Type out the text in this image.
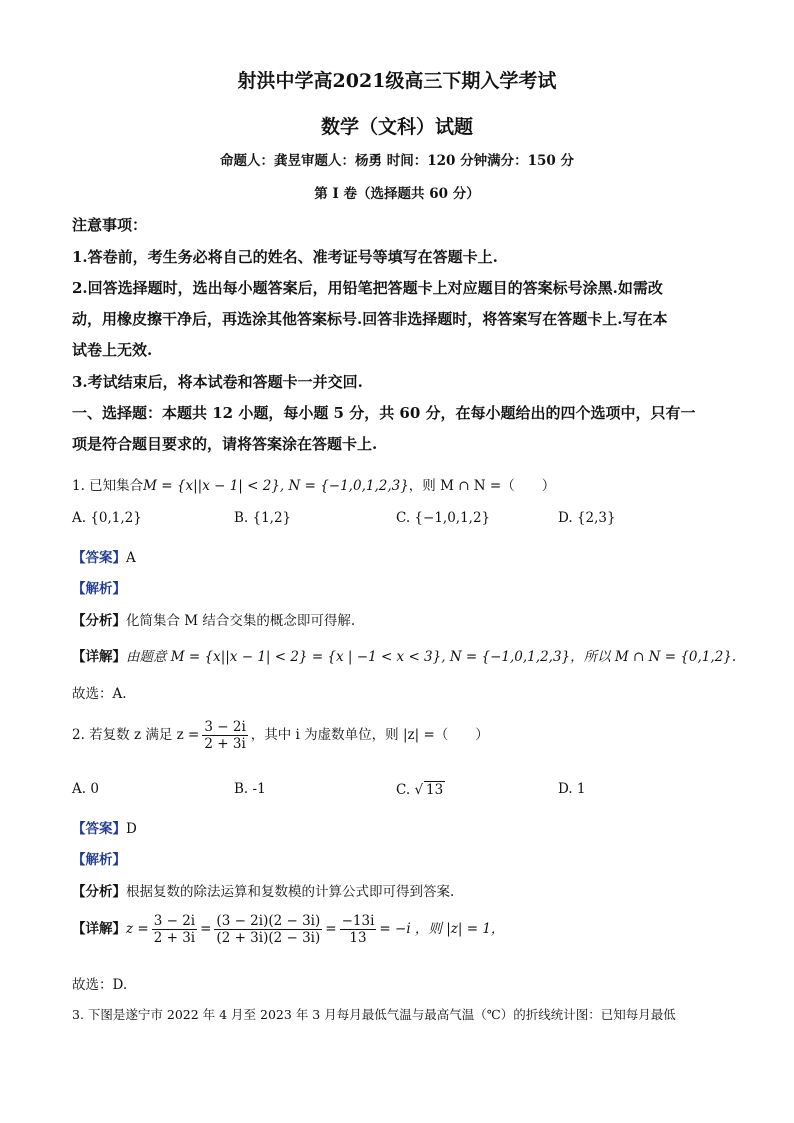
射洪中学高2021级高三下期入学考试
数学（文科）试题
命题人：龚昱审题人：杨勇 时间：120 分钟满分：150 分
第 I 卷（选择题共 60 分）
注意事项：
1.答卷前，考生务必将自己的姓名、准考证号等填写在答题卡上.
2.回答选择题时，选出每小题答案后，用铅笔把答题卡上对应题目的答案标号涂黑.如需改
动，用橡皮擦干净后，再选涂其他答案标号.回答非选择题时，将答案写在答题卡上.写在本
试卷上无效.
3.考试结束后，将本试卷和答题卡一并交回.
一、选择题：本题共 12 小题，每小题 5 分，共 60 分，在每小题给出的四个选项中，只有一
项是符合题目要求的，请将答案涂在答题卡上.
1. 已知集合M = {x||x − 1| < 2}, N = {−1,0,1,2,3}，则 M ∩ N =（　　）
A. {0,1,2}	B. {1,2}	C. {−1,0,1,2}	D. {2,3}
【答案】A
【解析】
【分析】化简集合 M 结合交集的概念即可得解.
【详解】由题意 M = {x||x − 1| < 2} = {x | −1 < x < 3}, N = {−1,0,1,2,3}，所以 M ∩ N = {0,1,2}.
故选：A.
2. 若复数 z 满足 $z = \frac{3 - 2i}{2 + 3i}$ ，其中 i 为虚数单位，则 |z| =（　　）
A. 0	B. -1	C. √ 13	D. 1
【答案】D
【解析】
【分析】根据复数的除法运算和复数模的计算公式即可得到答案.
【详解】$z = \frac{3 - 2i}{2 + 3i} = \frac{(3 - 2i)(2 - 3i)}{(2 + 3i)(2 - 3i)} = \frac{-13i}{13} = -i$ ，则 |z| = 1，
故选：D.
3. 下图是遂宁市 2022 年 4 月至 2023 年 3 月每月最低气温与最高气温（℃）的折线统计图：已知每月最低
